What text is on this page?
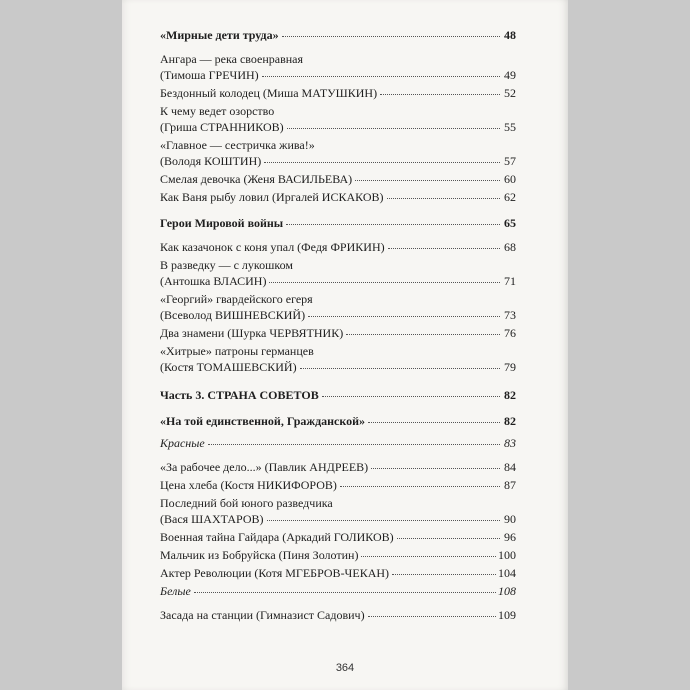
«Мирные дети труда»	48
Ангара — река своенравная
(Тимоша ГРЕЧИН)	49
Бездонный колодец (Миша МАТУШКИН)	52
К чему ведет озорство
(Гриша СТРАННИКОВ)	55
«Главное — сестричка жива!»
(Володя КОШТИН)	57
Смелая девочка (Женя ВАСИЛЬЕВА)	60
Как Ваня рыбу ловил (Иргалей ИСКАКОВ)	62
Герои Мировой войны	65
Как казачонок с коня упал (Федя ФРИКИН)	68
В разведку — с лукошком
(Антошка ВЛАСИН)	71
«Георгий» гвардейского егеря
(Всеволод ВИШНЕВСКИЙ)	73
Два знамени (Шурка ЧЕРВЯТНИК)	76
«Хитрые» патроны германцев
(Костя ТОМАШЕВСКИЙ)	79
Часть 3. СТРАНА СОВЕТОВ	82
«На той единственной, Гражданской»	82
Красные	83
«За рабочее дело...» (Павлик АНДРЕЕВ)	84
Цена хлеба (Костя НИКИФОРОВ)	87
Последний бой юного разведчика
(Вася ШАХТАРОВ)	90
Военная тайна Гайдара (Аркадий ГОЛИКОВ)	96
Мальчик из Бобруйска (Пиня Золотин)	100
Актер Революции (Котя МГЕБРОВ-ЧЕКАН)	104
Белые	108
Засада на станции (Гимназист Садович)	109
364
